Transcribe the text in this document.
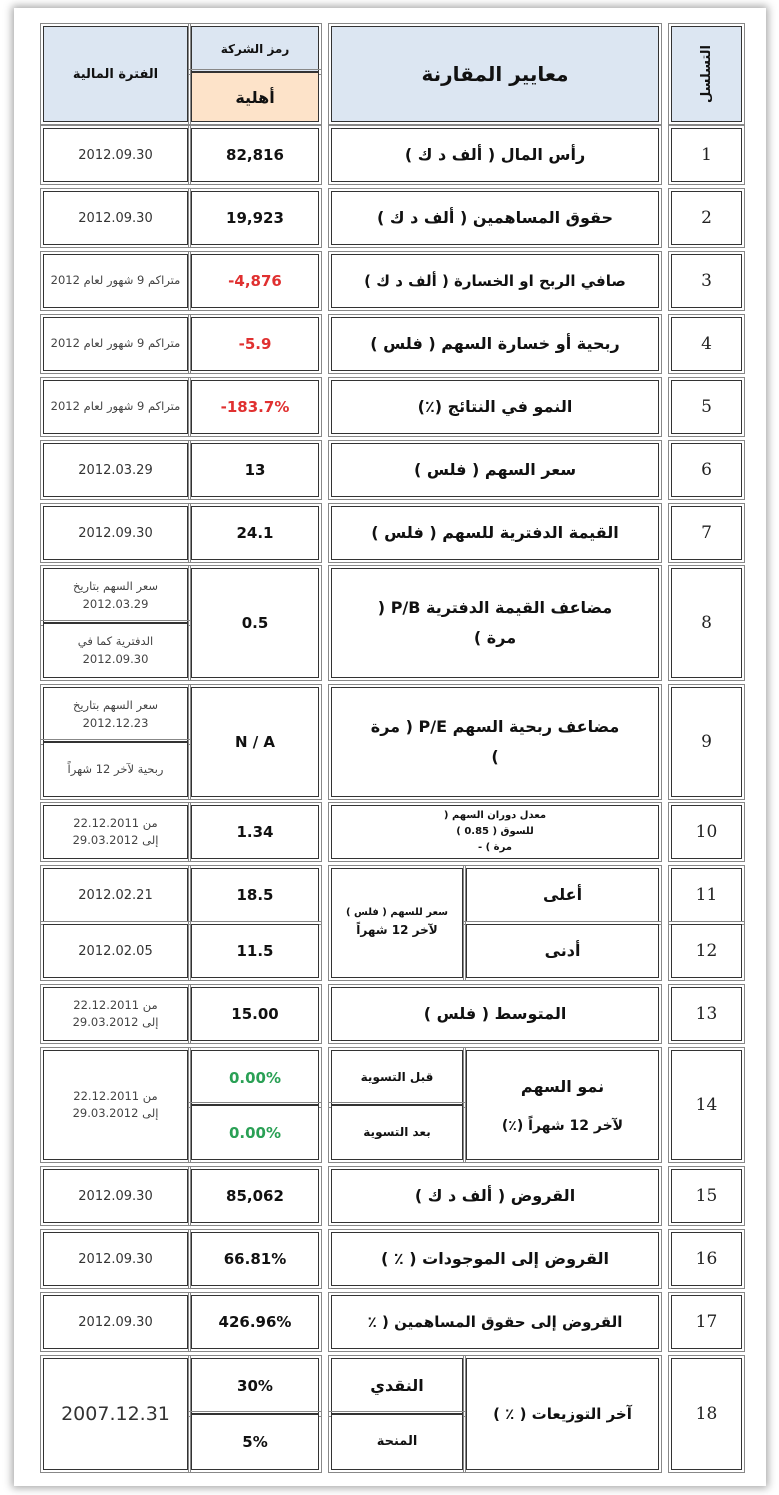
التسلسل
معايير المقارنة
رمز الشركة
أهلية
الفترة المالية
1
رأس المال ( ألف د ك )
82,816
2012.09.30
2
حقوق المساهمين ( ألف د ك )
19,923
2012.09.30
3
صافي الربح او الخسارة ( ألف د ك )
-4,876
متراكم 9 شهور لعام 2012
4
ربحية أو خسارة السهم ( فلس )
-5.9
متراكم 9 شهور لعام 2012
5
النمو في النتائج (٪)
-183.7%
متراكم 9 شهور لعام 2012
6
سعر السهم ( فلس )
13
2012.03.29
7
القيمة الدفترية للسهم ( فلس )
24.1
2012.09.30
8
مضاعف القيمة الدفترية P/B (
مرة )
0.5
سعر السهم بتاريخ 2012.03.29
الدفترية كما في 2012.09.30
9
مضاعف ربحية السهم P/E ( مرة
)
N / A
سعر السهم بتاريخ 2012.12.23
ربحية لآخر 12 شهراً
10
معدل دوران السهم (
للسوق ( 0.85 )
مرة ) -
1.34
من 22.12.2011
إلى 29.03.2012
11
12
أعلى
أدنى
سعر للسهم ( فلس )
لآخر 12 شهراً
18.5
11.5
2012.02.21
2012.02.05
13
المتوسط ( فلس )
15.00
من 22.12.2011
إلى 29.03.2012
14
نمو السهم
لآخر 12 شهراً (٪)
قبل التسوية
بعد التسوية
0.00%
0.00%
من 22.12.2011
إلى 29.03.2012
15
القروض ( ألف د ك )
85,062
2012.09.30
16
القروض إلى الموجودات ( ٪ )
66.81%
2012.09.30
17
القروض إلى حقوق المساهمين ( ٪
426.96%
2012.09.30
18
آخر التوزيعات ( ٪ )
النقدي
المنحة
30%
5%
2007.12.31
